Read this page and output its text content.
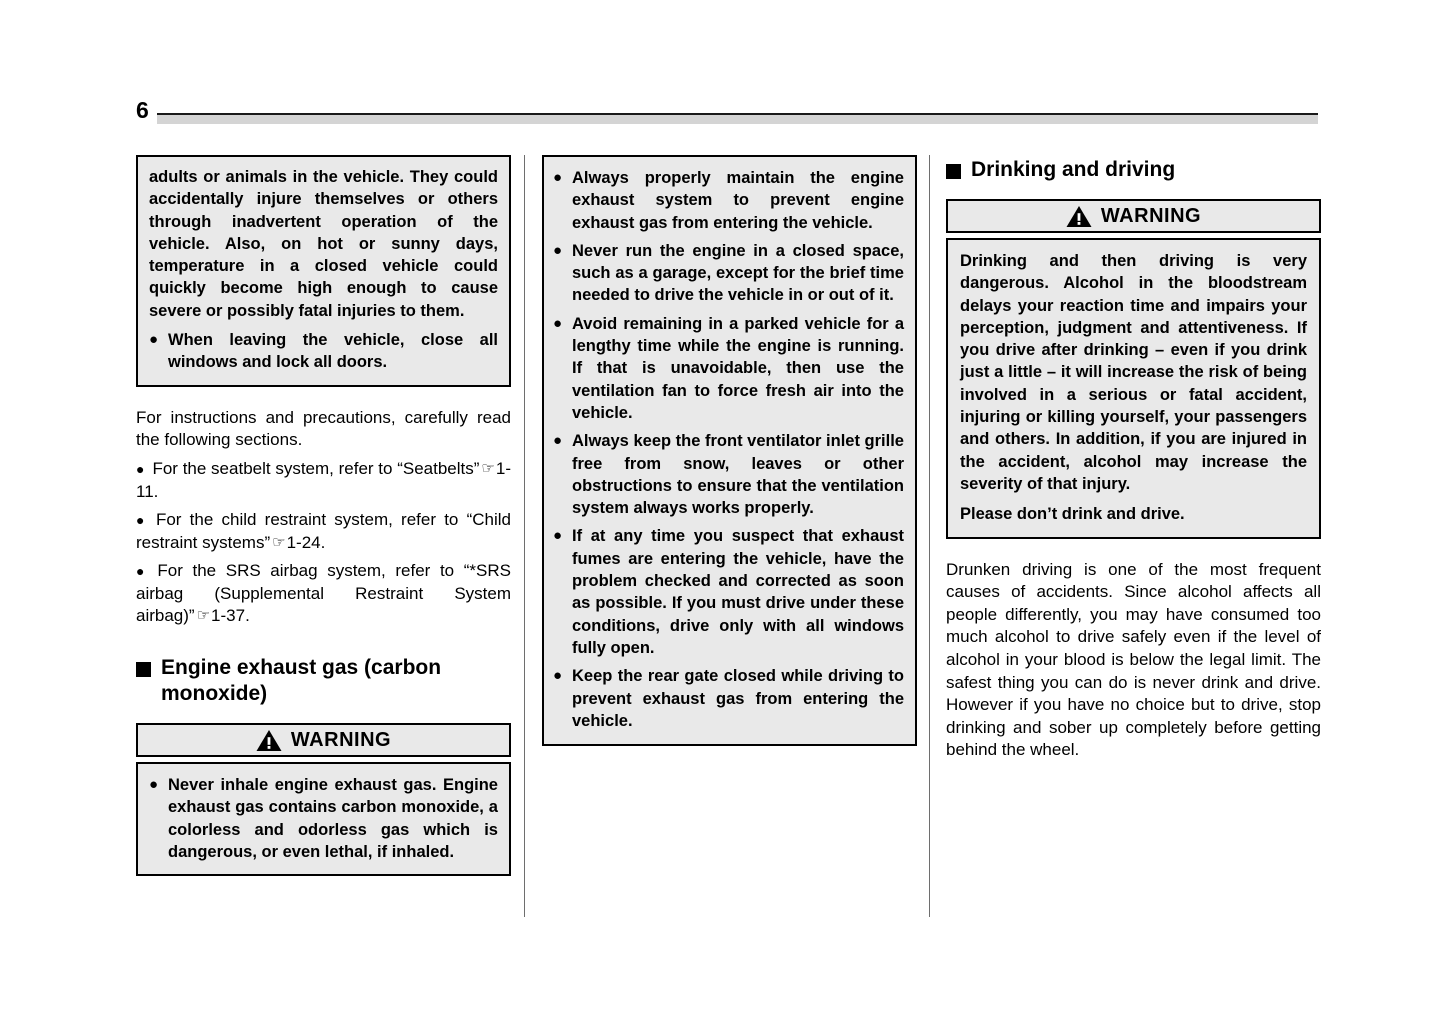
6

adults or animals in the vehicle. They could accidentally injure themselves or others through inadvertent operation of the vehicle. Also, on hot or sunny days, temperature in a closed vehicle could quickly become high enough to cause severe or possibly fatal injuries to them.

● When leaving the vehicle, close all windows and lock all doors.

For instructions and precautions, carefully read the following sections.

● For the seatbelt system, refer to “Seatbelts” ☞1-11.

● For the child restraint system, refer to “Child restraint systems” ☞1-24.

● For the SRS airbag system, refer to “*SRS airbag (Supplemental Restraint System airbag)” ☞1-37.

Engine exhaust gas (carbon monoxide)

WARNING
● Never inhale engine exhaust gas. Engine exhaust gas contains carbon monoxide, a colorless and odorless gas which is dangerous, or even lethal, if inhaled.
● Always properly maintain the engine exhaust system to prevent engine exhaust gas from entering the vehicle.
● Never run the engine in a closed space, such as a garage, except for the brief time needed to drive the vehicle in or out of it.
● Avoid remaining in a parked vehicle for a lengthy time while the engine is running. If that is unavoidable, then use the ventilation fan to force fresh air into the vehicle.
● Always keep the front ventilator inlet grille free from snow, leaves or other obstructions to ensure that the ventilation system always works properly.
● If at any time you suspect that exhaust fumes are entering the vehicle, have the problem checked and corrected as soon as possible. If you must drive under these conditions, drive only with all windows fully open.
● Keep the rear gate closed while driving to prevent exhaust gas from entering the vehicle.

Drinking and driving

WARNING

Drinking and then driving is very dangerous. Alcohol in the bloodstream delays your reaction time and impairs your perception, judgment and attentiveness. If you drive after drinking – even if you drink just a little – it will increase the risk of being involved in a serious or fatal accident, injuring or killing yourself, your passengers and others. In addition, if you are injured in the accident, alcohol may increase the severity of that injury.

Please don’t drink and drive.

Drunken driving is one of the most frequent causes of accidents. Since alcohol affects all people differently, you may have consumed too much alcohol to drive safely even if the level of alcohol in your blood is below the legal limit. The safest thing you can do is never drink and drive. However if you have no choice but to drive, stop drinking and sober up completely before getting behind the wheel.
